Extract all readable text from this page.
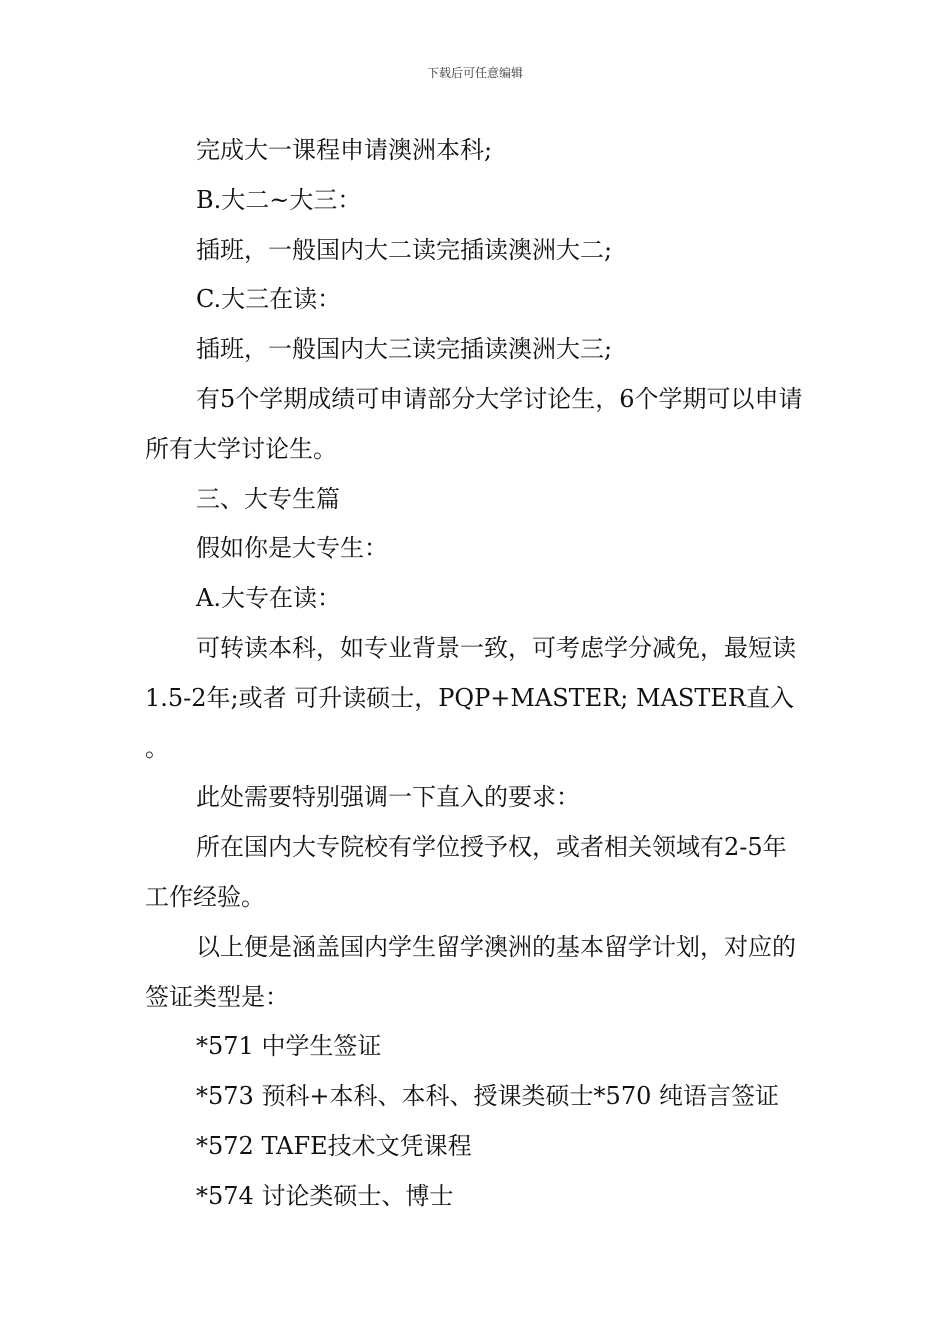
下载后可任意编辑

完成大一课程申请澳洲本科;

B.大二~大三：

插班，一般国内大二读完插读澳洲大二;

C.大三在读：

插班，一般国内大三读完插读澳洲大三;

有5个学期成绩可申请部分大学讨论生，6个学期可以申请所有大学讨论生。

三、大专生篇

假如你是大专生：

A.大专在读：

可转读本科，如专业背景一致，可考虑学分减免，最短读1.5-2年;或者 可升读硕士，PQP+MASTER; MASTER直入 。

此处需要特别强调一下直入的要求：

所在国内大专院校有学位授予权，或者相关领域有2-5年工作经验。

以上便是涵盖国内学生留学澳洲的基本留学计划，对应的签证类型是：

*571 中学生签证

*573 预科+本科、本科、授课类硕士*570 纯语言签证

*572 TAFE技术文凭课程

*574 讨论类硕士、博士
